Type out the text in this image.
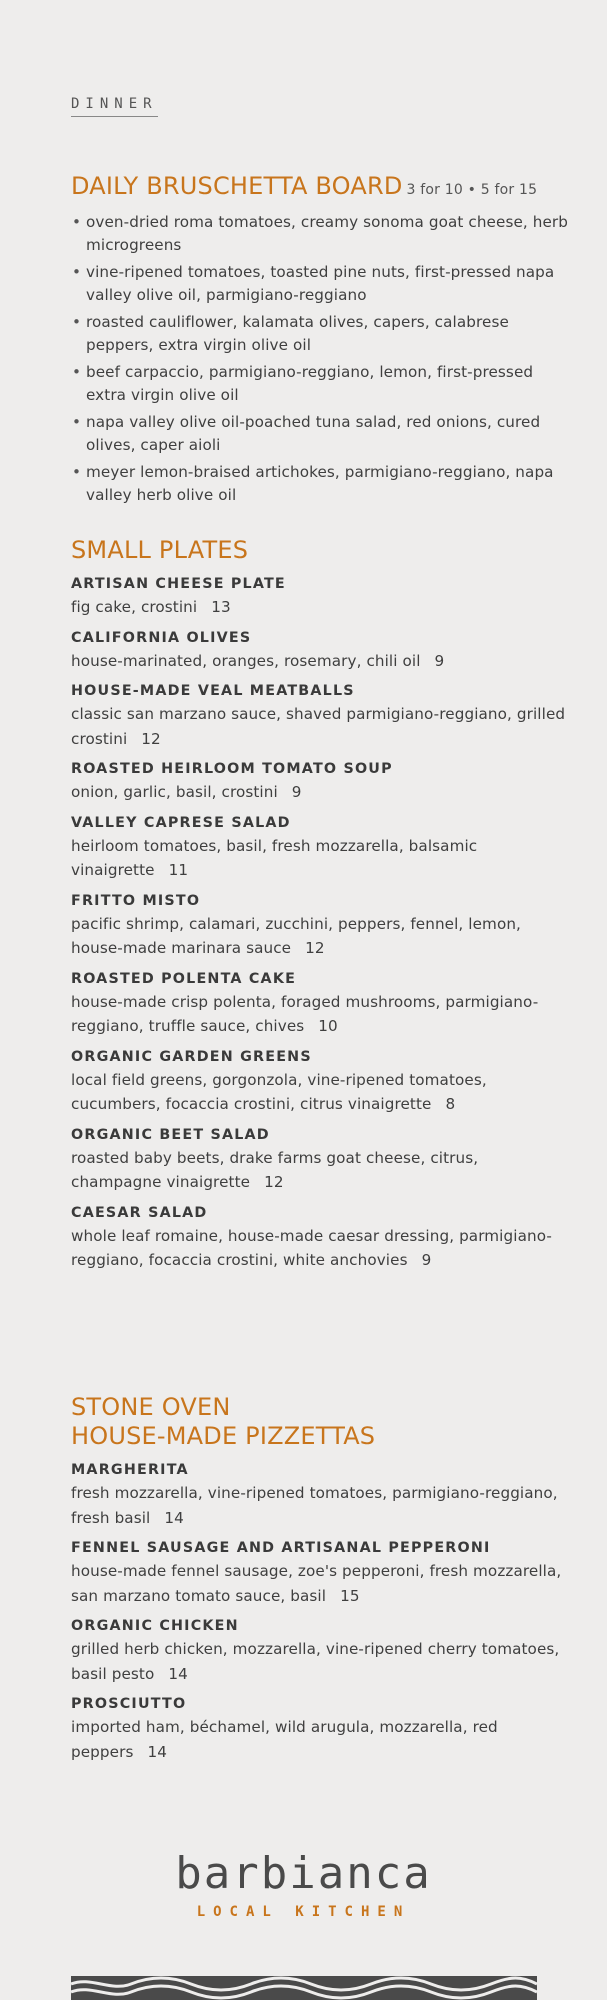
DINNER
DAILY BRUSCHETTA BOARD 3 for 10 • 5 for 15
• oven-dried roma tomatoes, creamy sonoma goat cheese, herb microgreens
• vine-ripened tomatoes, toasted pine nuts, first-pressed napa valley olive oil, parmigiano-reggiano
• roasted cauliflower, kalamata olives, capers, calabrese peppers, extra virgin olive oil
• beef carpaccio, parmigiano-reggiano, lemon, first-pressed extra virgin olive oil
• napa valley olive oil-poached tuna salad, red onions, cured olives, caper aioli
• meyer lemon-braised artichokes, parmigiano-reggiano, napa valley herb olive oil
SMALL PLATES
ARTISAN CHEESE PLATE
fig cake, crostini 13
CALIFORNIA OLIVES
house-marinated, oranges, rosemary, chili oil 9
HOUSE-MADE VEAL MEATBALLS
classic san marzano sauce, shaved parmigiano-reggiano, grilled crostini 12
ROASTED HEIRLOOM TOMATO SOUP
onion, garlic, basil, crostini 9
VALLEY CAPRESE SALAD
heirloom tomatoes, basil, fresh mozzarella, balsamic vinaigrette 11
FRITTO MISTO
pacific shrimp, calamari, zucchini, peppers, fennel, lemon, house-made marinara sauce 12
ROASTED POLENTA CAKE
house-made crisp polenta, foraged mushrooms, parmigiano-reggiano, truffle sauce, chives 10
ORGANIC GARDEN GREENS
local field greens, gorgonzola, vine-ripened tomatoes, cucumbers, focaccia crostini, citrus vinaigrette 8
ORGANIC BEET SALAD
roasted baby beets, drake farms goat cheese, citrus, champagne vinaigrette 12
CAESAR SALAD
whole leaf romaine, house-made caesar dressing, parmigiano-reggiano, focaccia crostini, white anchovies 9
STONE OVEN
HOUSE-MADE PIZZETTAS
MARGHERITA
fresh mozzarella, vine-ripened tomatoes, parmigiano-reggiano, fresh basil 14
FENNEL SAUSAGE AND ARTISANAL PEPPERONI
house-made fennel sausage, zoe's pepperoni, fresh mozzarella, san marzano tomato sauce, basil 15
ORGANIC CHICKEN
grilled herb chicken, mozzarella, vine-ripened cherry tomatoes, basil pesto 14
PROSCIUTTO
imported ham, béchamel, wild arugula, mozzarella, red peppers 14
barbianca
LOCAL KITCHEN
